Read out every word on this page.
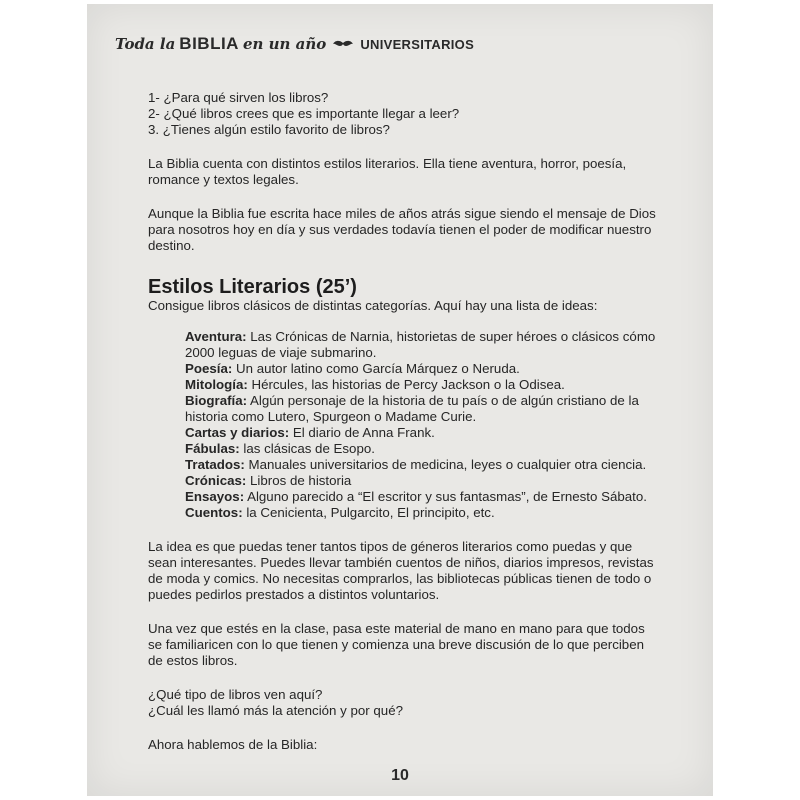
Toda la BIBLIA en un año	UNIVERSITARIOS

1- ¿Para qué sirven los libros?

2- ¿Qué libros crees que es importante llegar a leer?

3. ¿Tienes algún estilo favorito de libros?

La Biblia cuenta con distintos estilos literarios. Ella tiene aventura, horror, poesía, romance y textos legales.

Aunque la Biblia fue escrita hace miles de años atrás sigue siendo el mensaje de Dios para nosotros hoy en día y sus verdades todavía tienen el poder de modificar nuestro destino.

Estilos Literarios (25’)

Consigue libros clásicos de distintas categorías. Aquí hay una lista de ideas:

Aventura: Las Crónicas de Narnia, historietas de super héroes o clásicos cómo 2000 leguas de viaje submarino.

Poesía: Un autor latino como García Márquez o Neruda.

Mitología: Hércules, las historias de Percy Jackson o la Odisea.

Biografía: Algún personaje de la historia de tu país o de algún cristiano de la historia como Lutero, Spurgeon o Madame Curie.

Cartas y diarios: El diario de Anna Frank.

Fábulas: las clásicas de Esopo.

Tratados: Manuales universitarios de medicina, leyes o cualquier otra ciencia.

Crónicas: Libros de historia

Ensayos: Alguno parecido a “El escritor y sus fantasmas”, de Ernesto Sábato.

Cuentos: la Cenicienta, Pulgarcito, El principito, etc.

La idea es que puedas tener tantos tipos de géneros literarios como puedas y que sean interesantes. Puedes llevar también cuentos de niños, diarios impresos, revistas de moda y comics. No necesitas comprarlos, las bibliotecas públicas tienen de todo o puedes pedirlos prestados a distintos voluntarios.

Una vez que estés en la clase, pasa este material de mano en mano para que todos se familiaricen con lo que tienen y comienza una breve discusión de lo que perciben de estos libros.

¿Qué tipo de libros ven aquí?

¿Cuál les llamó más la atención y por qué?

Ahora hablemos de la Biblia:

10
